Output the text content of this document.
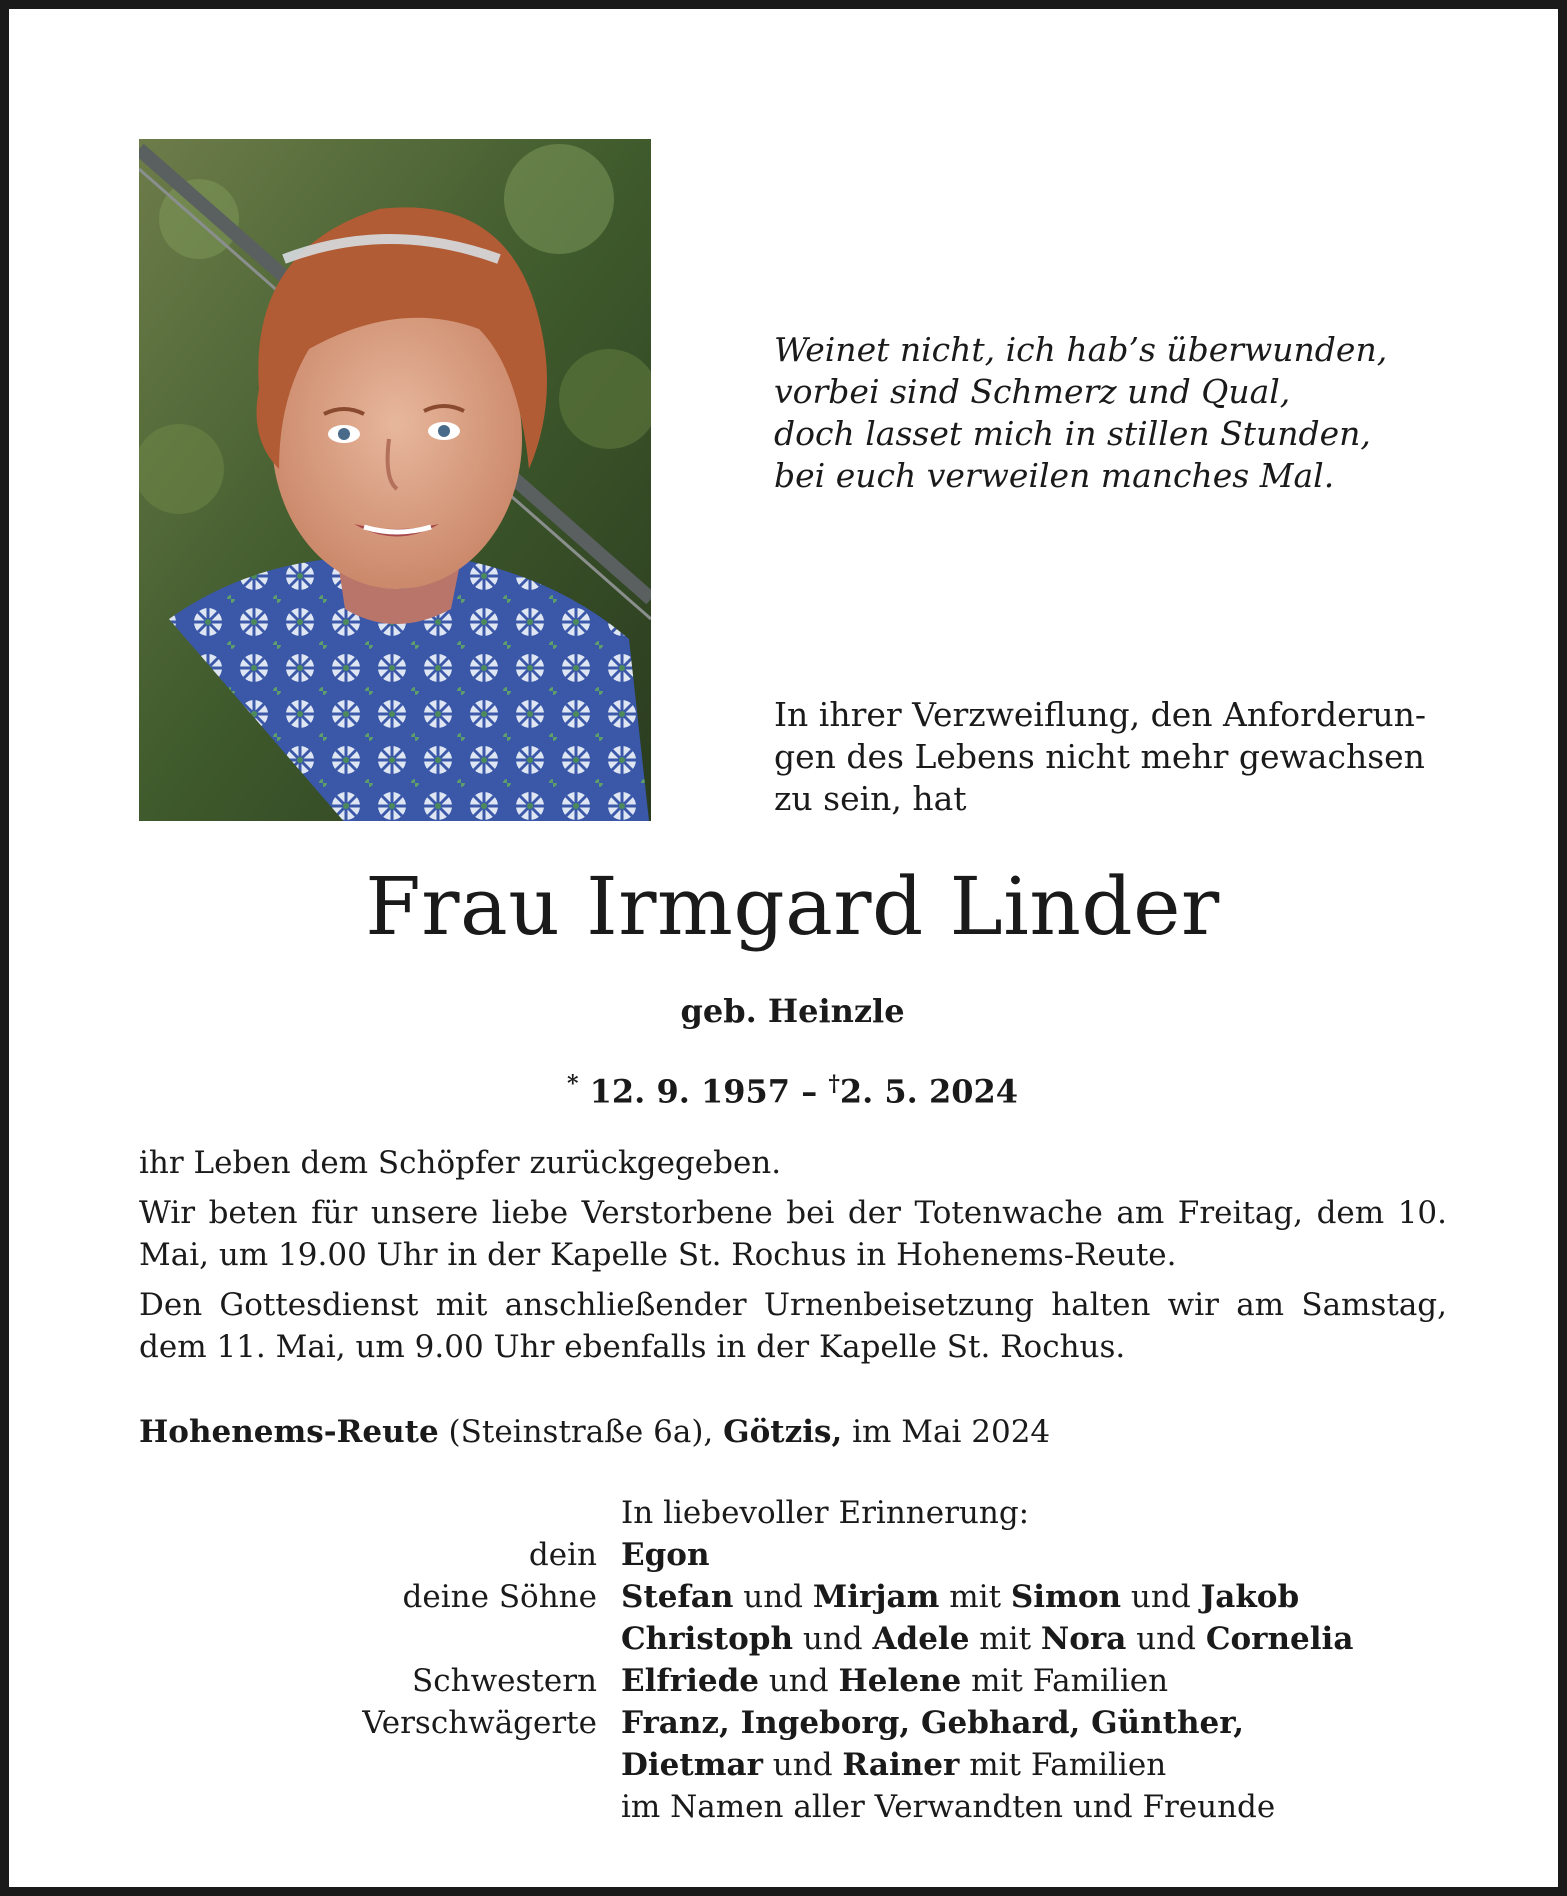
Weinet nicht, ich hab’s überwunden,
vorbei sind Schmerz und Qual,
doch lasset mich in stillen Stunden,
bei euch verweilen manches Mal.
In ihrer Verzweiflung, den Anforderun-
gen des Lebens nicht mehr gewachsen
zu sein, hat
Frau Irmgard Linder
geb. Heinzle
* 12. 9. 1957 – †2. 5. 2024

ihr Leben dem Schöpfer zurückgegeben.

Wir beten für unsere liebe Verstorbene bei der Totenwache am Freitag, dem 10. Mai, um 19.00 Uhr in der Kapelle St. Rochus in Hohenems-Reute.

Den Gottesdienst mit anschließender Urnenbeisetzung halten wir am Samstag, dem 11. Mai, um 9.00 Uhr ebenfalls in der Kapelle St. Rochus.

Hohenems-Reute (Steinstraße 6a), Götzis, im Mai 2024
In liebevoller Erinnerung:
dein Egon
deine Söhne Stefan und Mirjam mit Simon und Jakob
Christoph und Adele mit Nora und Cornelia
Schwestern Elfriede und Helene mit Familien
Verschwägerte Franz, Ingeborg, Gebhard, Günther,
Dietmar und Rainer mit Familien
im Namen aller Verwandten und Freunde
